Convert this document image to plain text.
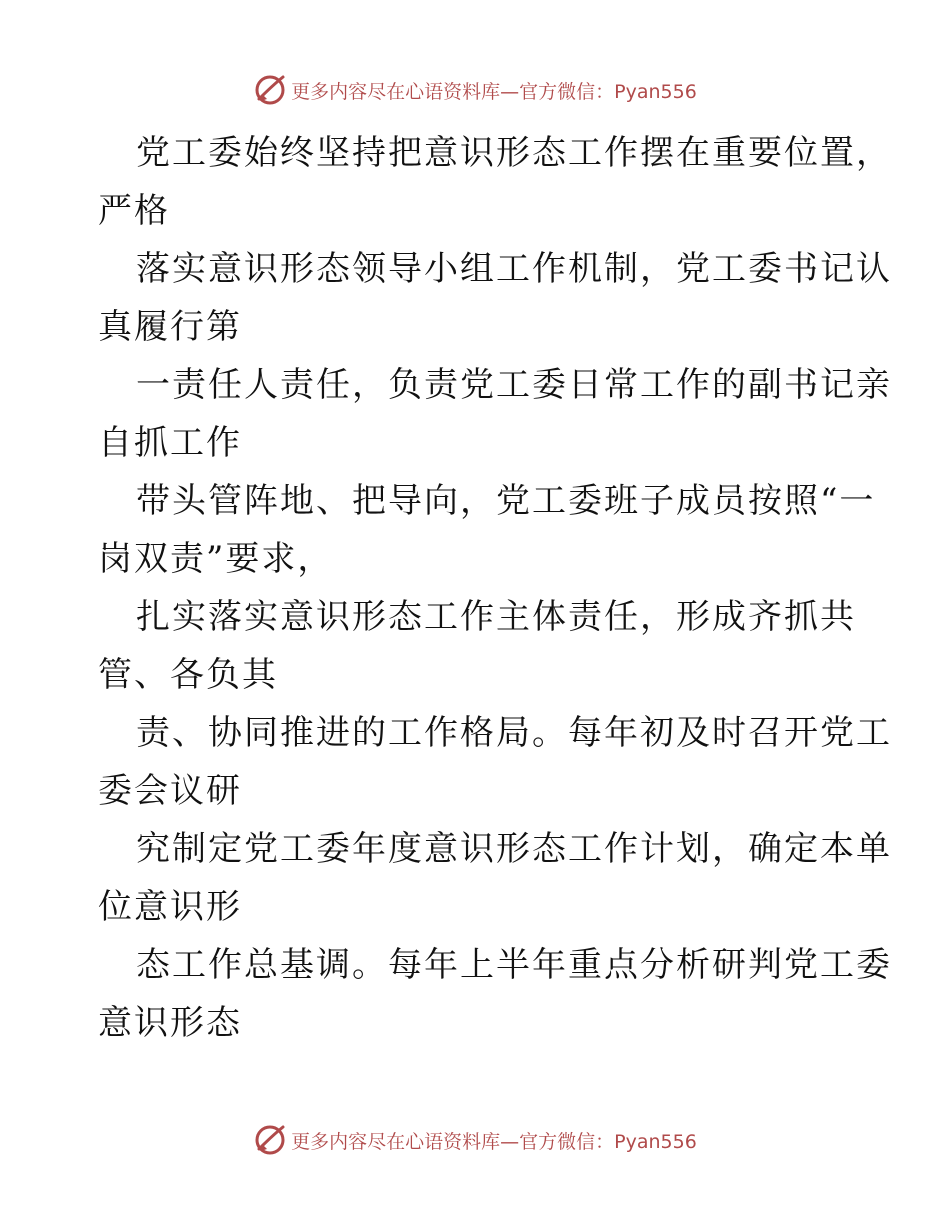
更多内容尽在心语资料库—官方微信：Pyan556
党工委始终坚持把意识形态工作摆在重要位置，
严格
落实意识形态领导小组工作机制，党工委书记认
真履行第
一责任人责任，负责党工委日常工作的副书记亲
自抓工作
带头管阵地、把导向，党工委班子成员按照“一
岗双责”要求，
扎实落实意识形态工作主体责任，形成齐抓共
管、各负其
责、协同推进的工作格局。每年初及时召开党工
委会议研
究制定党工委年度意识形态工作计划，确定本单
位意识形
态工作总基调。每年上半年重点分析研判党工委
意识形态
更多内容尽在心语资料库—官方微信：Pyan556
